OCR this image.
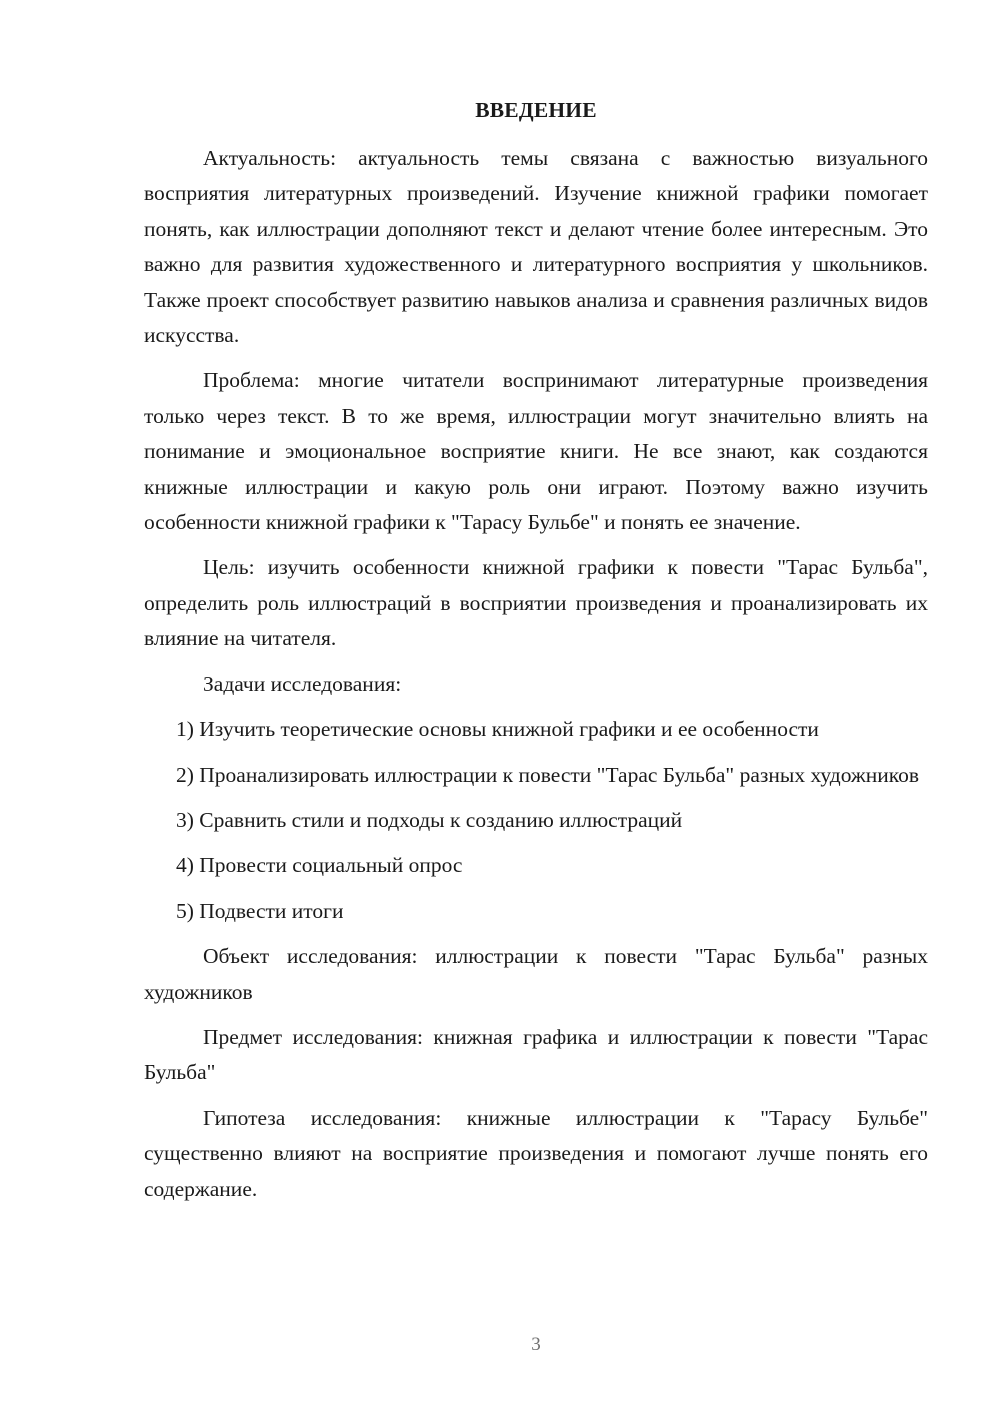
ВВЕДЕНИЕ

Актуальность: актуальность темы связана с важностью визуального восприятия литературных произведений. Изучение книжной графики помогает понять, как иллюстрации дополняют текст и делают чтение более интересным. Это важно для развития художественного и литературного восприятия у школьников. Также проект способствует развитию навыков анализа и сравнения различных видов искусства.

Проблема: многие читатели воспринимают литературные произведения только через текст. В то же время, иллюстрации могут значительно влиять на понимание и эмоциональное восприятие книги. Не все знают, как создаются книжные иллюстрации и какую роль они играют. Поэтому важно изучить особенности книжной графики к "Тарасу Бульбе" и понять ее значение.

Цель: изучить особенности книжной графики к повести "Тарас Бульба", определить роль иллюстраций в восприятии произведения и проанализировать их влияние на читателя.

Задачи исследования:

1) Изучить теоретические основы книжной графики и ее особенности

2) Проанализировать иллюстрации к повести "Тарас Бульба" разных художников

3) Сравнить стили и подходы к созданию иллюстраций

4) Провести социальный опрос

5) Подвести итоги

Объект исследования: иллюстрации к повести "Тарас Бульба" разных художников

Предмет исследования: книжная графика и иллюстрации к повести "Тарас Бульба"

Гипотеза исследования: книжные иллюстрации к "Тарасу Бульбе" существенно влияют на восприятие произведения и помогают лучше понять его содержание.

3
